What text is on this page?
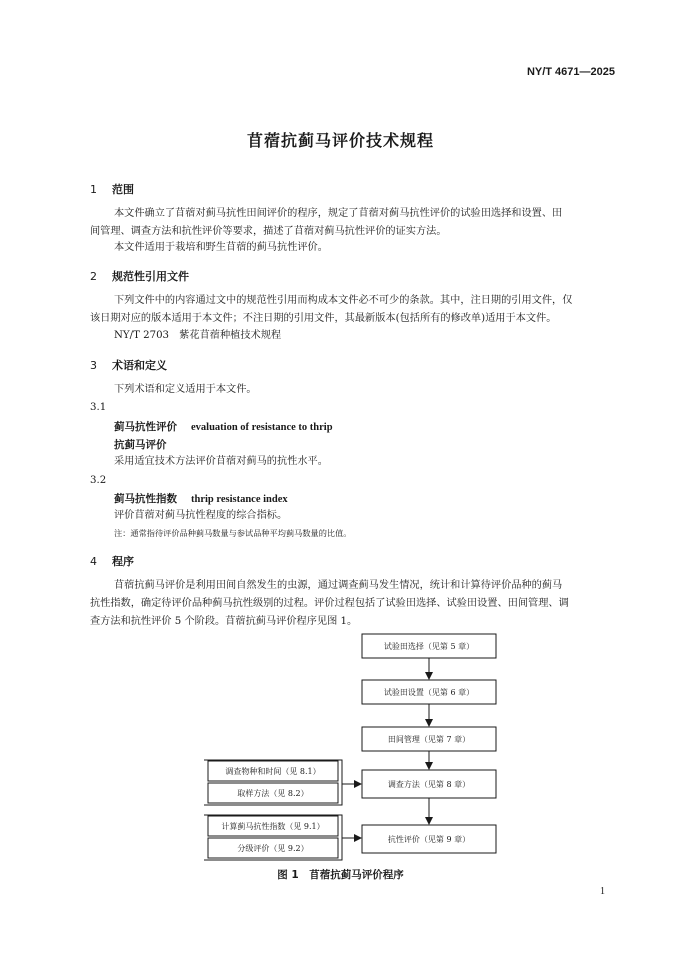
NY/T 4671—2025
苜蓿抗蓟马评价技术规程
1 范围
本文件确立了苜蓿对蓟马抗性田间评价的程序，规定了苜蓿对蓟马抗性评价的试验田选择和设置、田
间管理、调查方法和抗性评价等要求，描述了苜蓿对蓟马抗性评价的证实方法。
本文件适用于栽培和野生苜蓿的蓟马抗性评价。
2 规范性引用文件
下列文件中的内容通过文中的规范性引用而构成本文件必不可少的条款。其中，注日期的引用文件，仅
该日期对应的版本适用于本文件；不注日期的引用文件，其最新版本(包括所有的修改单)适用于本文件。
NY/T 2703　紫花苜蓿种植技术规程
3 术语和定义
下列术语和定义适用于本文件。
3.1
蓟马抗性评价 evaluation of resistance to thrip
抗蓟马评价
采用适宜技术方法评价苜蓿对蓟马的抗性水平。
3.2
蓟马抗性指数 thrip resistance index
评价苜蓿对蓟马抗性程度的综合指标。
注：通常指待评价品种蓟马数量与参试品种平均蓟马数量的比值。
4 程序
苜蓿抗蓟马评价是利用田间自然发生的虫源，通过调查蓟马发生情况，统计和计算待评价品种的蓟马
抗性指数，确定待评价品种蓟马抗性级别的过程。评价过程包括了试验田选择、试验田设置、田间管理、调
查方法和抗性评价 5 个阶段。苜蓿抗蓟马评价程序见图 1。
试验田选择（见第 5 章）
试验田设置（见第 6 章）
田间管理（见第 7 章）
调查方法（见第 8 章）
抗性评价（见第 9 章）
调查物种和时间（见 8.1）
取样方法（见 8.2）
计算蓟马抗性指数（见 9.1）
分级评价（见 9.2）
图 1　苜蓿抗蓟马评价程序
1
